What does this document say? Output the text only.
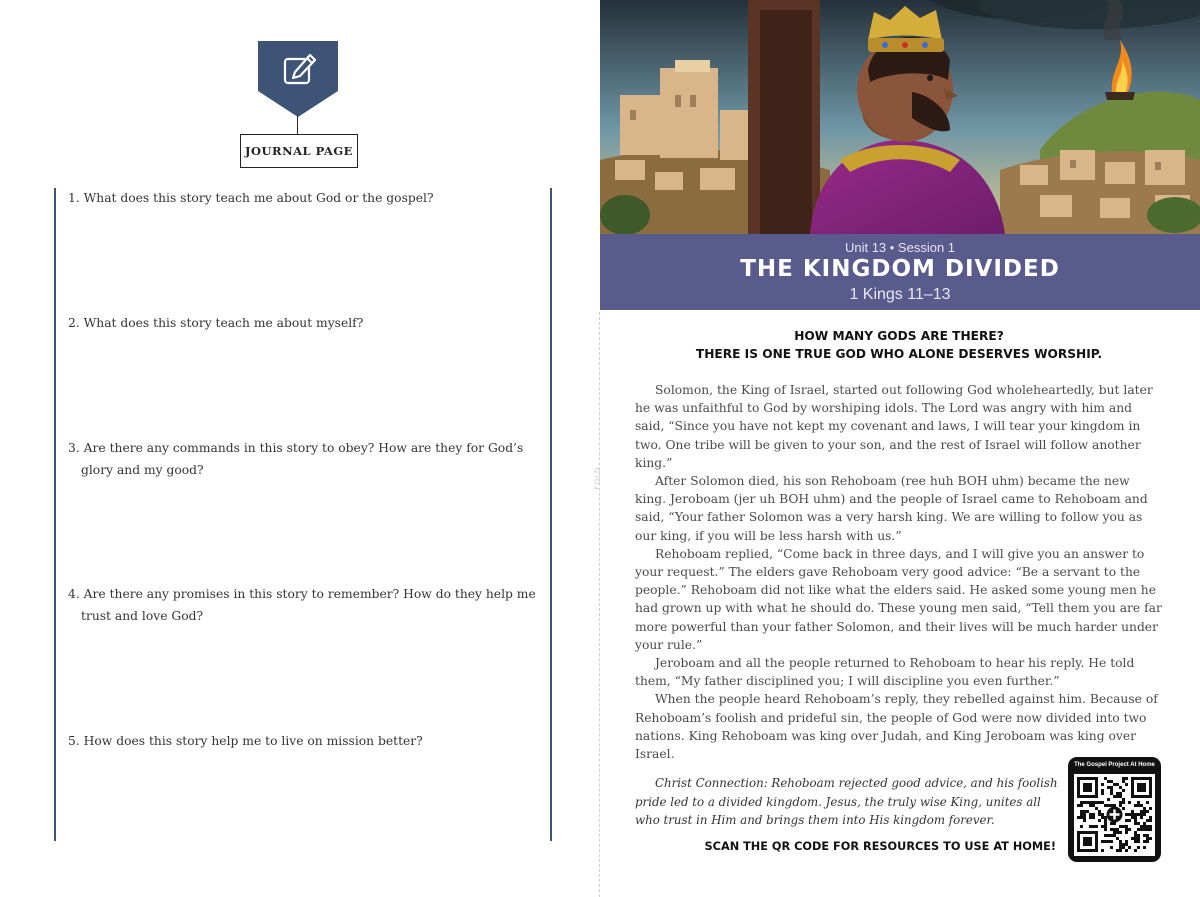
JOURNAL PAGE
1. What does this story teach me about God or the gospel?
2. What does this story teach me about myself?
3. Are there any commands in this story to obey? How are they for God’s glory and my good?
4. Are there any promises in this story to remember? How do they help me trust and love God?
5. How does this story help me to live on mission better?
FOLD
Unit 13 • Session 1
THE KINGDOM DIVIDED
1 Kings 11–13
HOW MANY GODS ARE THERE?
THERE IS ONE TRUE GOD WHO ALONE DESERVES WORSHIP.

Solomon, the King of Israel, started out following God wholeheartedly, but later he was unfaithful to God by worshiping idols. The Lord was angry with him and said, “Since you have not kept my covenant and laws, I will tear your kingdom in two. One tribe will be given to your son, and the rest of Israel will follow another king.”

After Solomon died, his son Rehoboam (ree huh BOH uhm) became the new king. Jeroboam (jer uh BOH uhm) and the people of Israel came to Rehoboam and said, “Your father Solomon was a very harsh king. We are willing to follow you as our king, if you will be less harsh with us.”

Rehoboam replied, “Come back in three days, and I will give you an answer to your request.” The elders gave Rehoboam very good advice: “Be a servant to the people.” Rehoboam did not like what the elders said. He asked some young men he had grown up with what he should do. These young men said, “Tell them you are far more powerful than your father Solomon, and their lives will be much harder under your rule.”

Jeroboam and all the people returned to Rehoboam to hear his reply. He told them, “My father disciplined you; I will discipline you even further.”

When the people heard Rehoboam’s reply, they rebelled against him. Because of Rehoboam’s foolish and prideful sin, the people of God were now divided into two nations. King Rehoboam was king over Judah, and King Jeroboam was king over Israel.

Christ Connection: Rehoboam rejected good advice, and his foolish pride led to a divided kingdom. Jesus, the truly wise King, unites all who trust in Him and brings them into His kingdom forever.
SCAN THE QR CODE FOR RESOURCES TO USE AT HOME!
The Gospel Project At Home
